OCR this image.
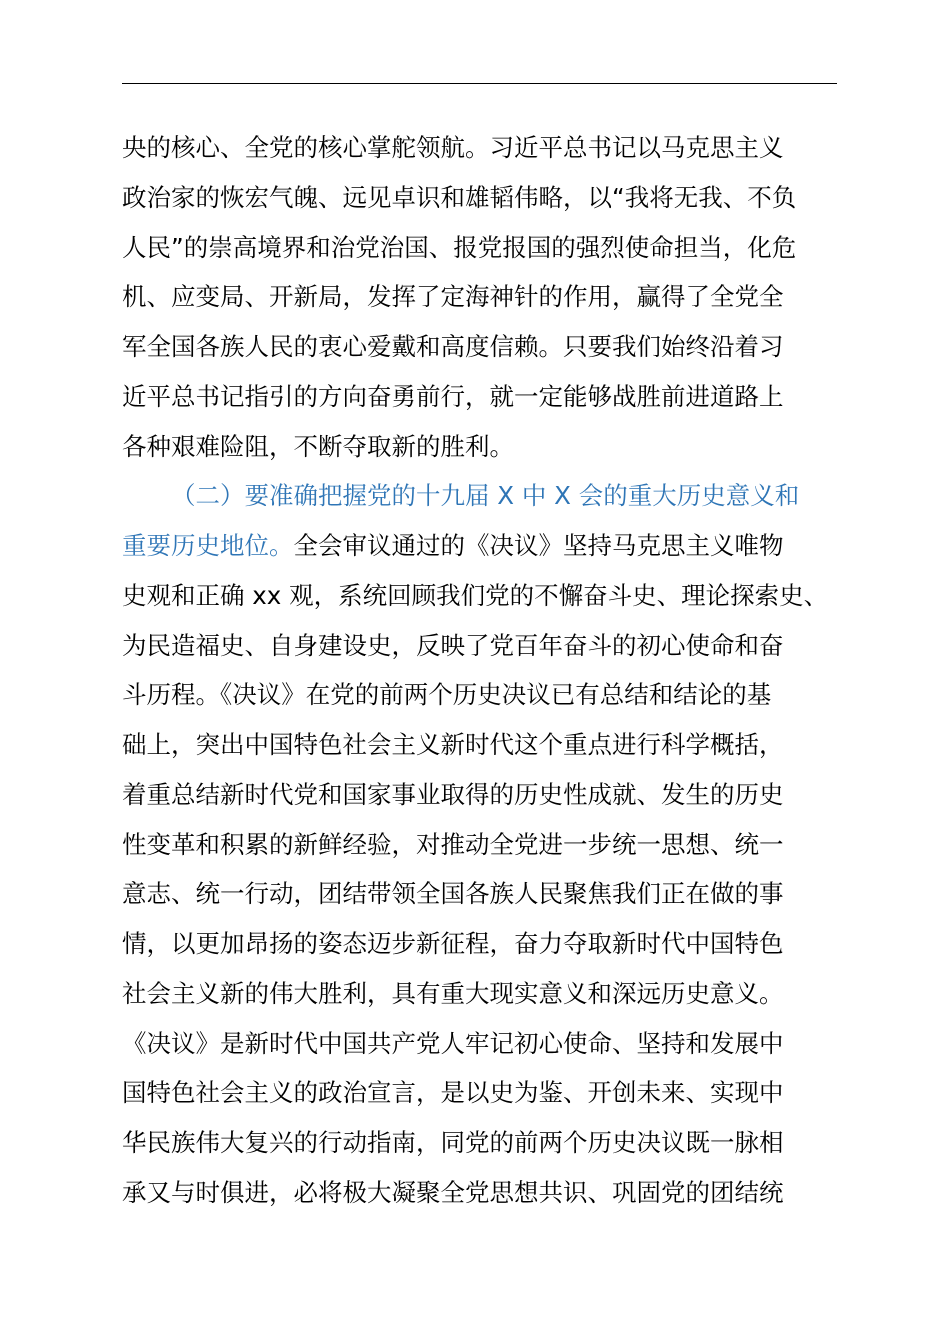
央的核心、全党的核心掌舵领航。习近平总书记以马克思主义
政治家的恢宏气魄、远见卓识和雄韬伟略，以“我将无我、不负
人民”的崇高境界和治党治国、报党报国的强烈使命担当，化危
机、应变局、开新局，发挥了定海神针的作用，赢得了全党全
军全国各族人民的衷心爱戴和高度信赖。只要我们始终沿着习
近平总书记指引的方向奋勇前行，就一定能够战胜前进道路上
各种艰难险阻，不断夺取新的胜利。
（二）要准确把握党的十九届 X 中 X 会的重大历史意义和
重要历史地位。全会审议通过的《决议》坚持马克思主义唯物
史观和正确 xx 观，系统回顾我们党的不懈奋斗史、理论探索史、
为民造福史、自身建设史，反映了党百年奋斗的初心使命和奋
斗历程。《决议》在党的前两个历史决议已有总结和结论的基
础上，突出中国特色社会主义新时代这个重点进行科学概括，
着重总结新时代党和国家事业取得的历史性成就、发生的历史
性变革和积累的新鲜经验，对推动全党进一步统一思想、统一
意志、统一行动，团结带领全国各族人民聚焦我们正在做的事
情，以更加昂扬的姿态迈步新征程，奋力夺取新时代中国特色
社会主义新的伟大胜利，具有重大现实意义和深远历史意义。
《决议》是新时代中国共产党人牢记初心使命、坚持和发展中
国特色社会主义的政治宣言，是以史为鉴、开创未来、实现中
华民族伟大复兴的行动指南，同党的前两个历史决议既一脉相
承又与时俱进，必将极大凝聚全党思想共识、巩固党的团结统
